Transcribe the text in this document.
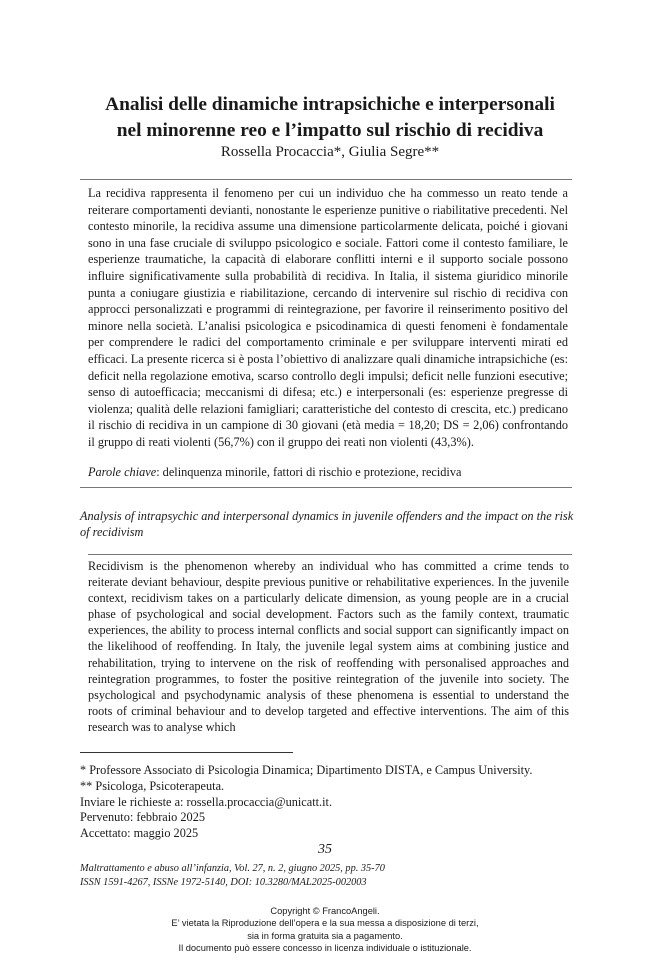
Analisi delle dinamiche intrapsichiche e interpersonali
nel minorenne reo e l’impatto sul rischio di recidiva
Rossella Procaccia*, Giulia Segre**

La recidiva rappresenta il fenomeno per cui un individuo che ha commesso un reato tende a reiterare comportamenti devianti, nonostante le esperienze punitive o riabilitative precedenti. Nel contesto minorile, la recidiva assume una dimensione particolarmente delicata, poiché i giovani sono in una fase cruciale di sviluppo psicologico e sociale. Fattori come il contesto familiare, le esperienze traumatiche, la capacità di elaborare conflitti interni e il supporto sociale possono influire significativamente sulla probabilità di recidiva. In Italia, il sistema giuridico minorile punta a coniugare giustizia e riabilitazione, cercando di intervenire sul rischio di recidiva con approcci personalizzati e programmi di reintegrazione, per favorire il reinserimento positivo del minore nella società. L’analisi psicologica e psicodinamica di questi fenomeni è fondamentale per comprendere le radici del comportamento criminale e per sviluppare interventi mirati ed efficaci. La presente ricerca si è posta l’obiettivo di analizzare quali dinamiche intrapsichiche (es: deficit nella regolazione emotiva, scarso controllo degli impulsi; deficit nelle funzioni esecutive; senso di autoefficacia; meccanismi di difesa; etc.) e interpersonali (es: esperienze pregresse di violenza; qualità delle relazioni famigliari; caratteristiche del contesto di crescita, etc.) predicano il rischio di recidiva in un campione di 30 giovani (età media = 18,20; DS = 2,06) confrontando il gruppo di reati violenti (56,7%) con il gruppo dei reati non violenti (43,3%).

Parole chiave: delinquenza minorile, fattori di rischio e protezione, recidiva

Analysis of intrapsychic and interpersonal dynamics in juvenile offenders and the impact on the risk of recidivism

Recidivism is the phenomenon whereby an individual who has committed a crime tends to reiterate deviant behaviour, despite previous punitive or rehabilitative experiences. In the juvenile context, recidivism takes on a particularly delicate dimension, as young people are in a crucial phase of psychological and social development. Factors such as the family context, traumatic experiences, the ability to process internal conflicts and social support can significantly impact on the likelihood of reoffending. In Italy, the juvenile legal system aims at combining justice and rehabilitation, trying to intervene on the risk of reoffending with personalised approaches and reintegration programmes, to foster the positive reintegration of the juvenile into society. The psychological and psychodynamic analysis of these phenomena is essential to understand the roots of criminal behaviour and to develop targeted and effective interventions. The aim of this research was to analyse which

* Professore Associato di Psicologia Dinamica; Dipartimento DISTA, e Campus University.
** Psicologa, Psicoterapeuta.
Inviare le richieste a: rossella.procaccia@unicatt.it.
Pervenuto: febbraio 2025
Accettato: maggio 2025
35
Maltrattamento e abuso all’infanzia, Vol. 27, n. 2, giugno 2025, pp. 35-70
ISSN 1591-4267, ISSNe 1972-5140, DOI: 10.3280/MAL2025-002003
Copyright © FrancoAngeli.
E’ vietata la Riproduzione dell’opera e la sua messa a disposizione di terzi,
sia in forma gratuita sia a pagamento.
Il documento può essere concesso in licenza individuale o istituzionale.
